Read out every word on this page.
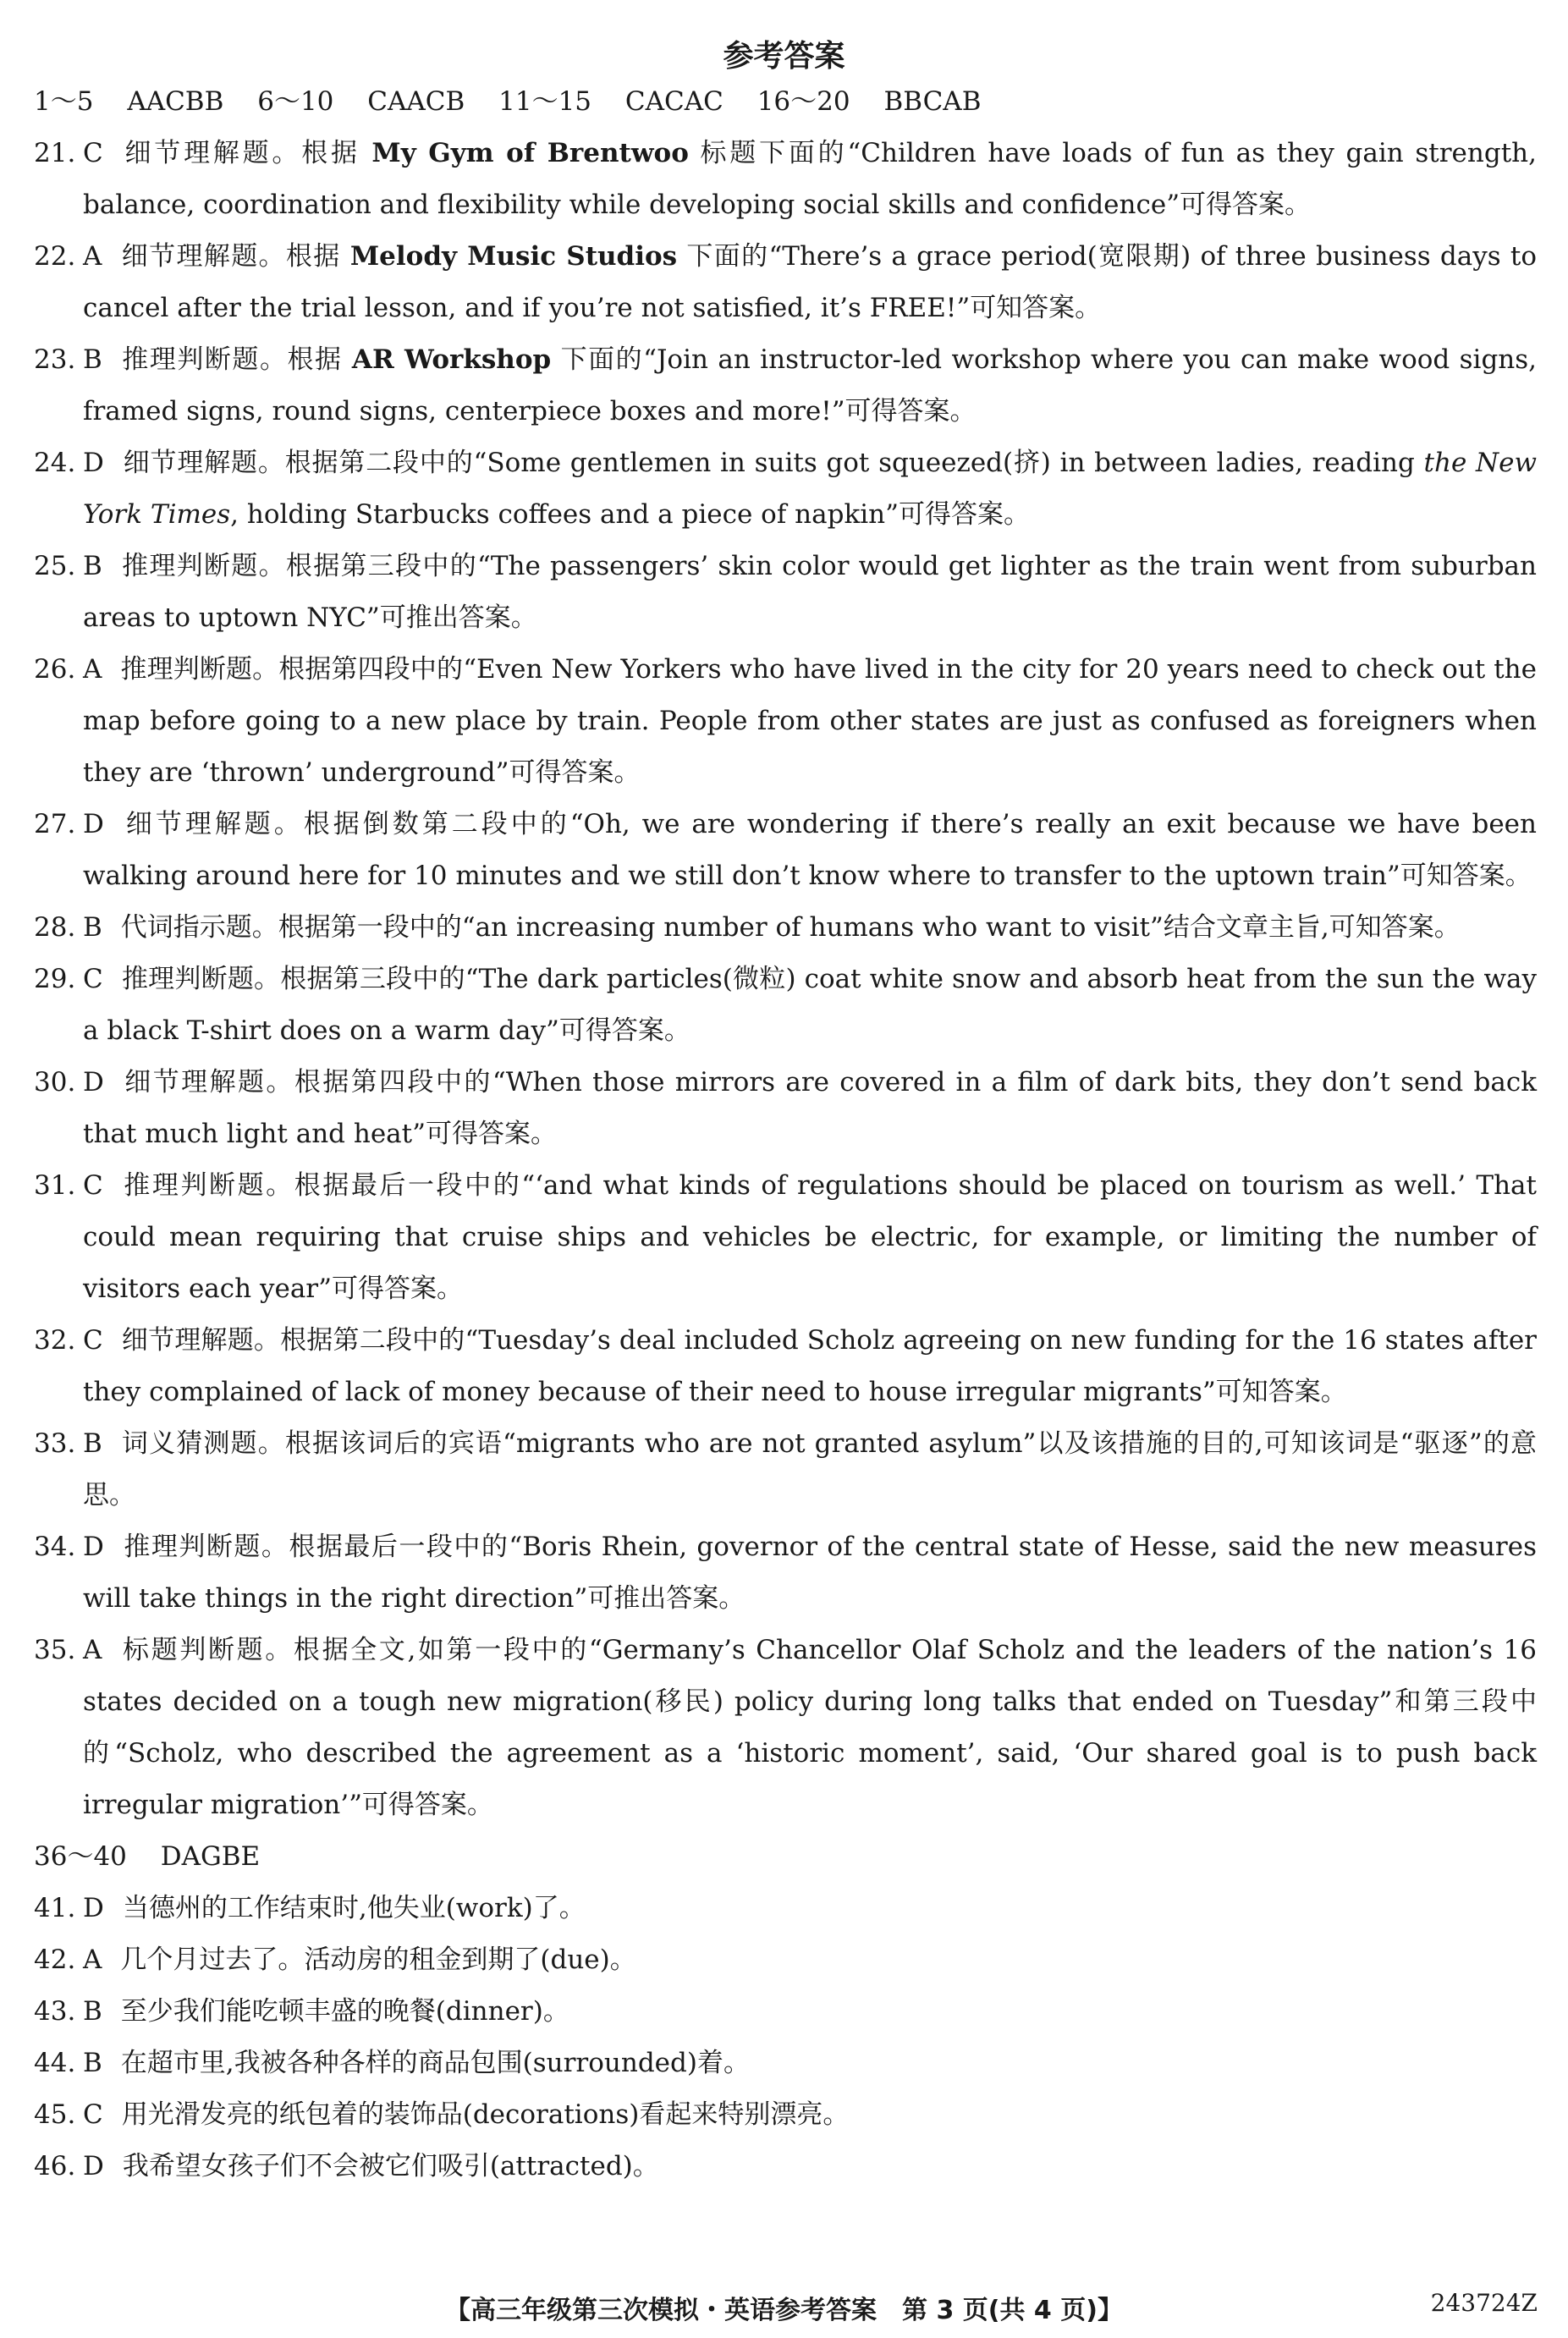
参考答案
1～5 AACBB 6～10 CAACB 11～15 CACAC 16～20 BBCAB
21. C 细节理解题。根据 My Gym of Brentwoo 标题下面的“Children have loads of fun as they gain strength, balance, coordination and flexibility while developing social skills and confidence”可得答案。
22. A 细节理解题。根据 Melody Music Studios 下面的“There’s a grace period(宽限期) of three business days to cancel after the trial lesson, and if you’re not satisfied, it’s FREE!”可知答案。
23. B 推理判断题。根据 AR Workshop 下面的“Join an instructor-led workshop where you can make wood signs, framed signs, round signs, centerpiece boxes and more!”可得答案。
24. D 细节理解题。根据第二段中的“Some gentlemen in suits got squeezed(挤) in between ladies, reading the New York Times, holding Starbucks coffees and a piece of napkin”可得答案。
25. B 推理判断题。根据第三段中的“The passengers’ skin color would get lighter as the train went from suburban areas to uptown NYC”可推出答案。
26. A 推理判断题。根据第四段中的“Even New Yorkers who have lived in the city for 20 years need to check out the map before going to a new place by train. People from other states are just as confused as foreigners when they are ‘thrown’ underground”可得答案。
27. D 细节理解题。根据倒数第二段中的“Oh, we are wondering if there’s really an exit because we have been walking around here for 10 minutes and we still don’t know where to transfer to the uptown train”可知答案。
28. B 代词指示题。根据第一段中的“an increasing number of humans who want to visit”结合文章主旨,可知答案。
29. C 推理判断题。根据第三段中的“The dark particles(微粒) coat white snow and absorb heat from the sun the way a black T-shirt does on a warm day”可得答案。
30. D 细节理解题。根据第四段中的“When those mirrors are covered in a film of dark bits, they don’t send back that much light and heat”可得答案。
31. C 推理判断题。根据最后一段中的“‘and what kinds of regulations should be placed on tourism as well.’ That could mean requiring that cruise ships and vehicles be electric, for example, or limiting the number of visitors each year”可得答案。
32. C 细节理解题。根据第二段中的“Tuesday’s deal included Scholz agreeing on new funding for the 16 states after they complained of lack of money because of their need to house irregular migrants”可知答案。
33. B 词义猜测题。根据该词后的宾语“migrants who are not granted asylum”以及该措施的目的,可知该词是“驱逐”的意思。
34. D 推理判断题。根据最后一段中的“Boris Rhein, governor of the central state of Hesse, said the new measures will take things in the right direction”可推出答案。
35. A 标题判断题。根据全文,如第一段中的“Germany’s Chancellor Olaf Scholz and the leaders of the nation’s 16 states decided on a tough new migration(移民) policy during long talks that ended on Tuesday”和第三段中的“Scholz, who described the agreement as a ‘historic moment’, said, ‘Our shared goal is to push back irregular migration’”可得答案。
36～40 DAGBE
41. D 当德州的工作结束时,他失业(work)了。
42. A 几个月过去了。活动房的租金到期了(due)。
43. B 至少我们能吃顿丰盛的晚餐(dinner)。
44. B 在超市里,我被各种各样的商品包围(surrounded)着。
45. C 用光滑发亮的纸包着的装饰品(decorations)看起来特别漂亮。
46. D 我希望女孩子们不会被它们吸引(attracted)。
【高三年级第三次模拟・英语参考答案　第 3 页(共 4 页)】	243724Z
